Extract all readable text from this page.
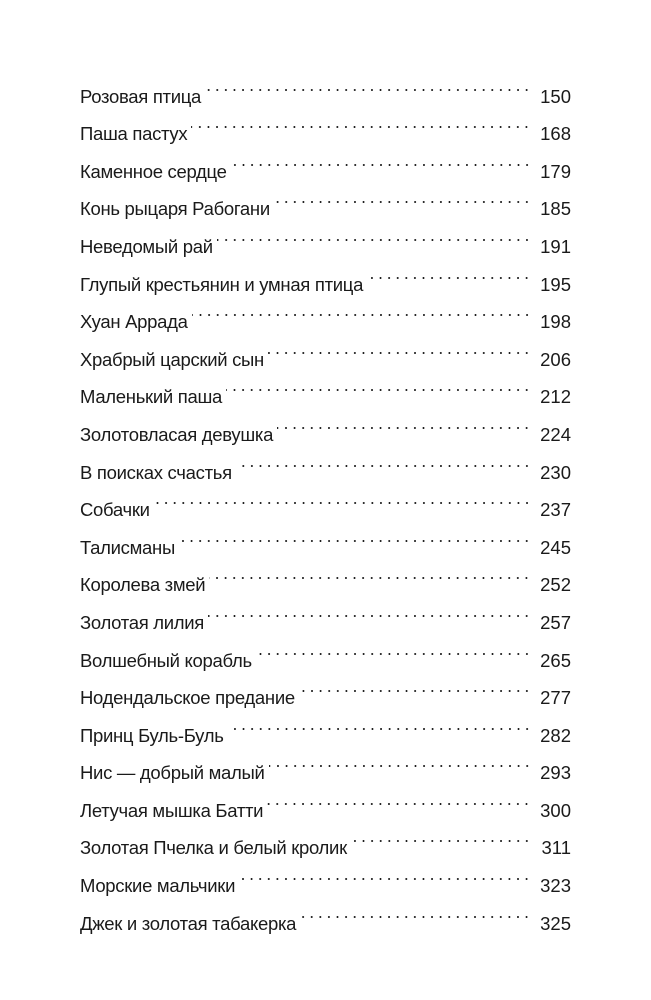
Розовая птица	150
Паша пастух	168
Каменное сердце	179
Конь рыцаря Рабогани	185
Неведомый рай	191
Глупый крестьянин и умная птица	195
Хуан Аррада	198
Храбрый царский сын	206
Маленький паша	212
Золотовласая девушка	224
В поисках счастья	230
Собачки	237
Талисманы	245
Королева змей	252
Золотая лилия	257
Волшебный корабль	265
Нодендальское предание	277
Принц Буль-Буль	282
Нис — добрый малый	293
Летучая мышка Батти	300
Золотая Пчелка и белый кролик	311
Морские мальчики	323
Джек и золотая табакерка	325
